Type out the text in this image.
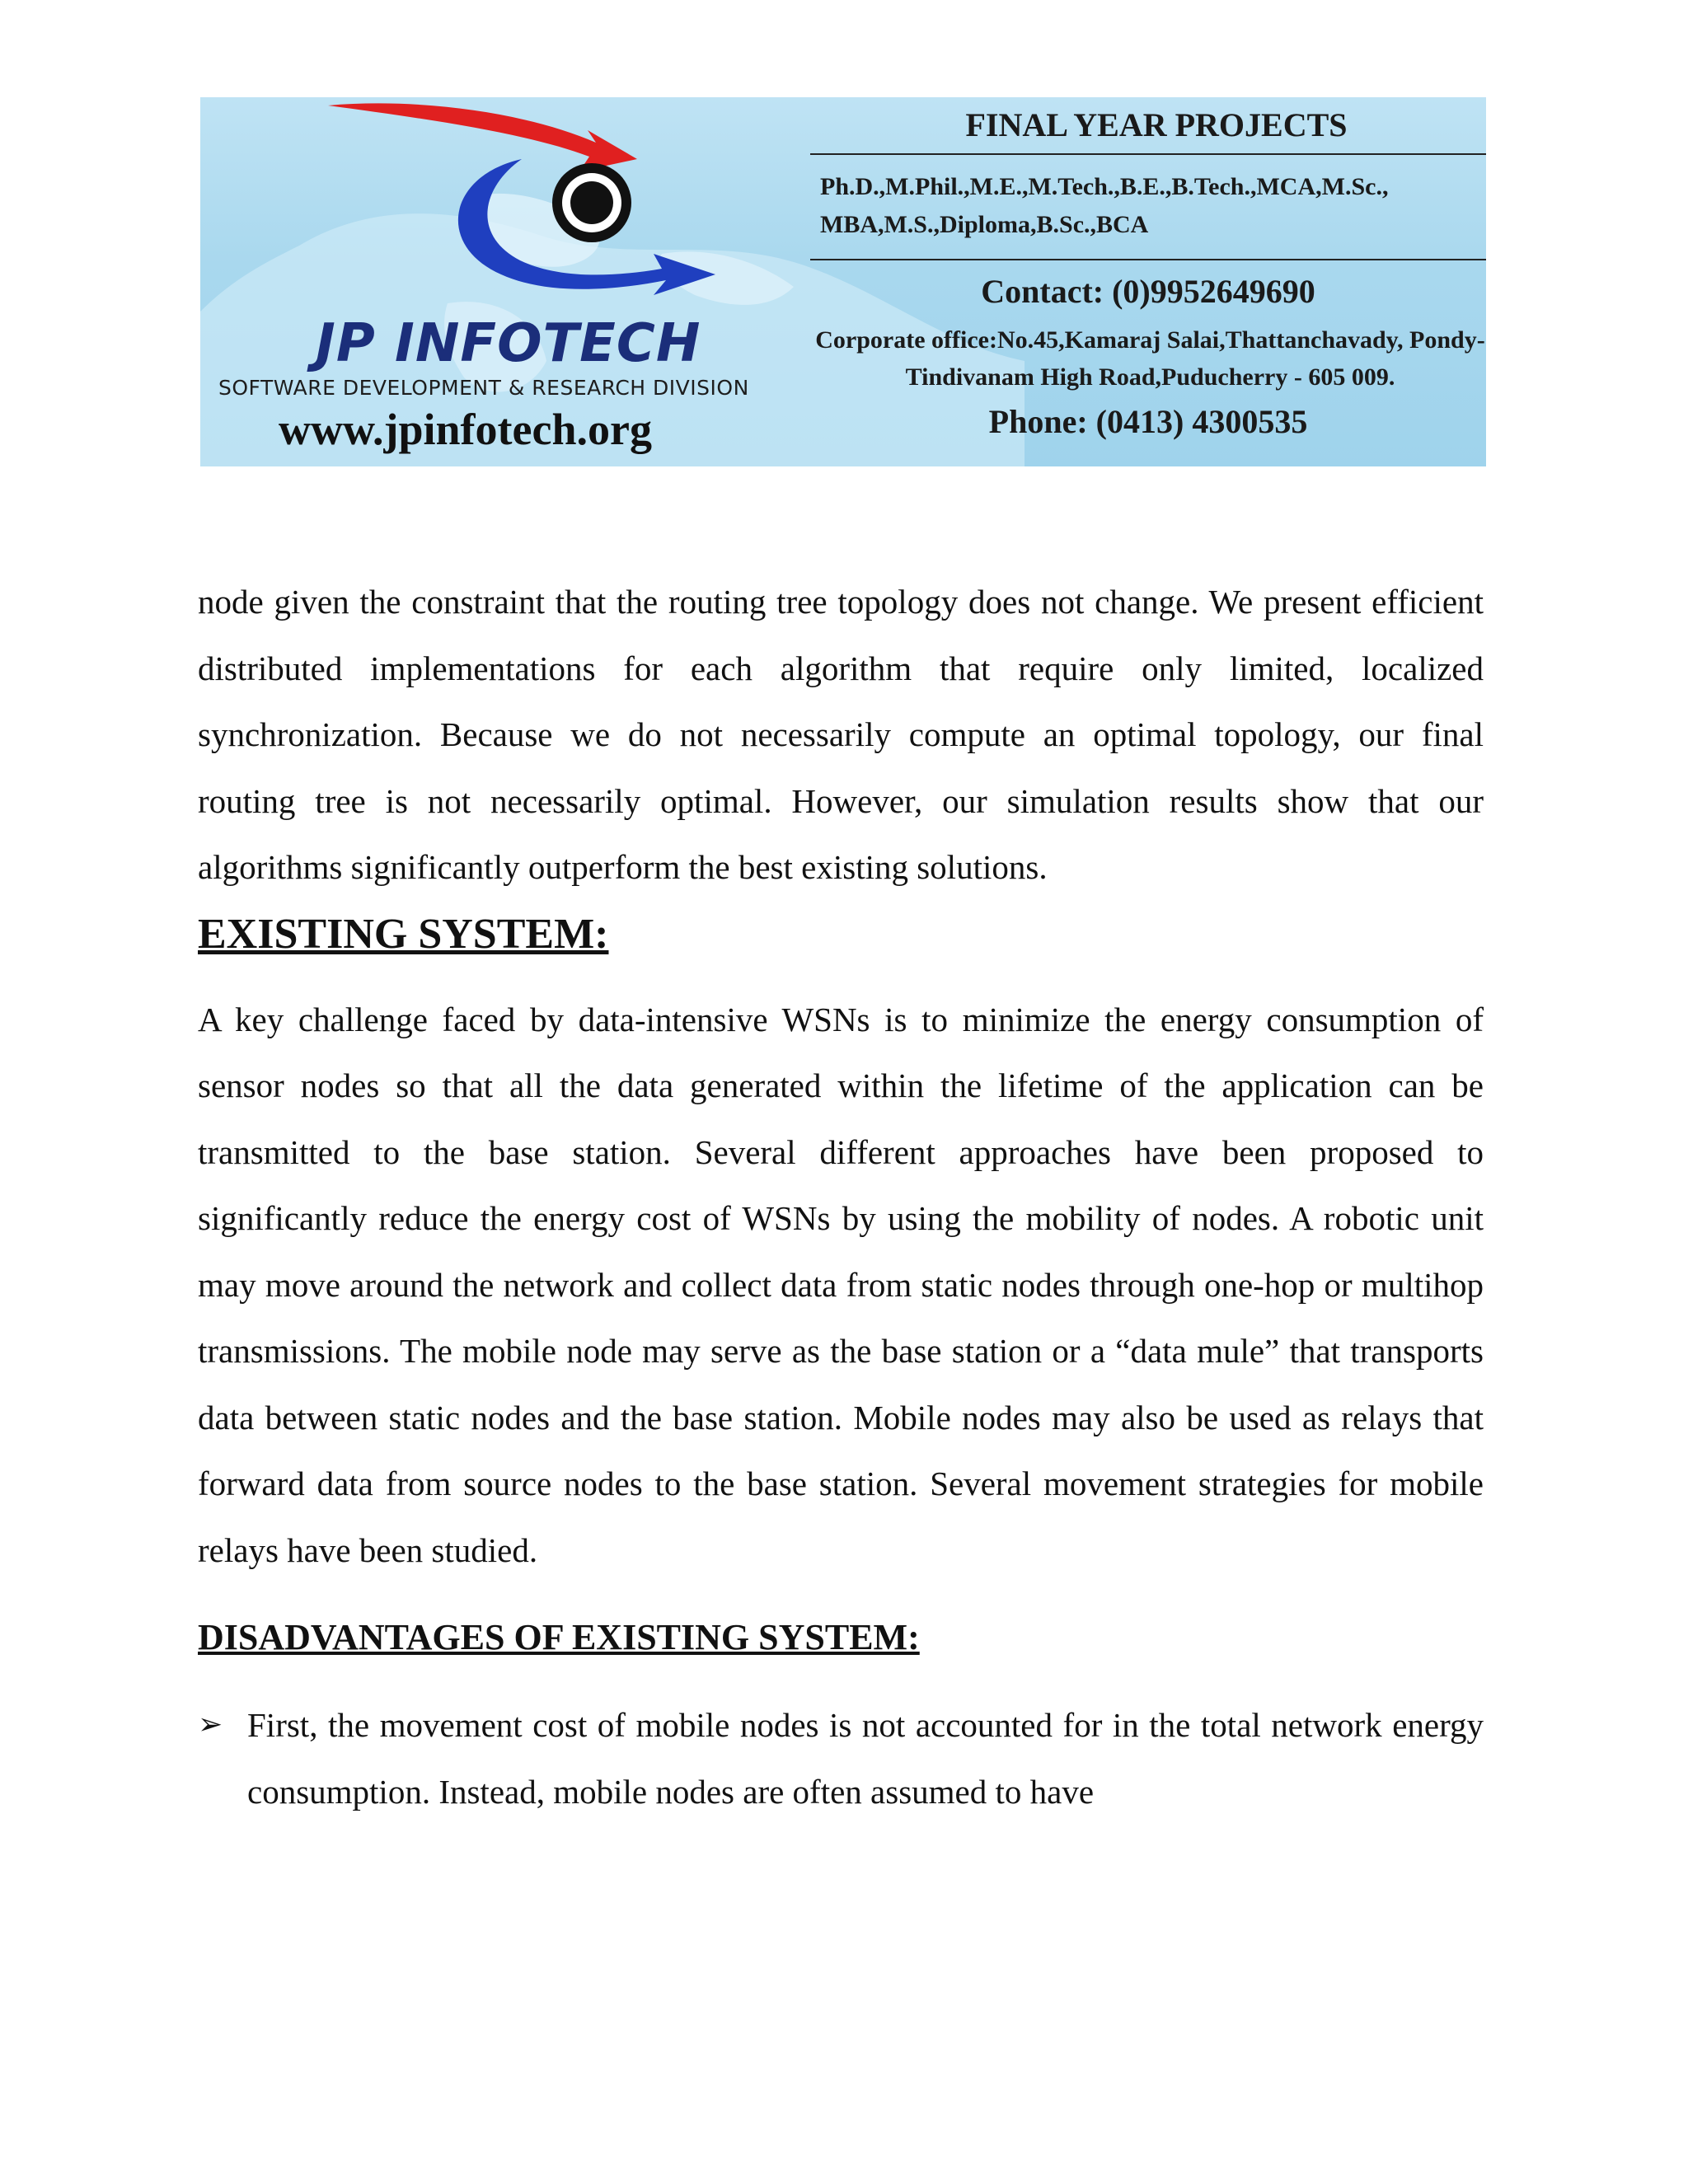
JP INFOTECH
SOFTWARE DEVELOPMENT & RESEARCH DIVISION
www.jpinfotech.org
FINAL YEAR PROJECTS
Ph.D.,M.Phil.,M.E.,M.Tech.,B.E.,B.Tech.,MCA,M.Sc., MBA,M.S.,Diploma,B.Sc.,BCA
Contact: (0)9952649690
Corporate office:No.45,Kamaraj Salai,Thattanchavady, Pondy-Tindivanam High Road,Puducherry - 605 009.
Phone: (0413) 4300535

node given the constraint that the routing tree topology does not change. We present efficient distributed implementations for each algorithm that require only limited, localized synchronization. Because we do not necessarily compute an optimal topology, our final routing tree is not necessarily optimal. However, our simulation results show that our algorithms significantly outperform the best existing solutions.

EXISTING SYSTEM:

A key challenge faced by data-intensive WSNs is to minimize the energy consumption of sensor nodes so that all the data generated within the lifetime of the application can be transmitted to the base station. Several different approaches have been proposed to significantly reduce the energy cost of WSNs by using the mobility of nodes. A robotic unit may move around the network and collect data from static nodes through one-hop or multihop transmissions. The mobile node may serve as the base station or a “data mule” that transports data between static nodes and the base station. Mobile nodes may also be used as relays that forward data from source nodes to the base station. Several movement strategies for mobile relays have been studied.

DISADVANTAGES OF EXISTING SYSTEM:
➢ First, the movement cost of mobile nodes is not accounted for in the total network energy consumption. Instead, mobile nodes are often assumed to have
